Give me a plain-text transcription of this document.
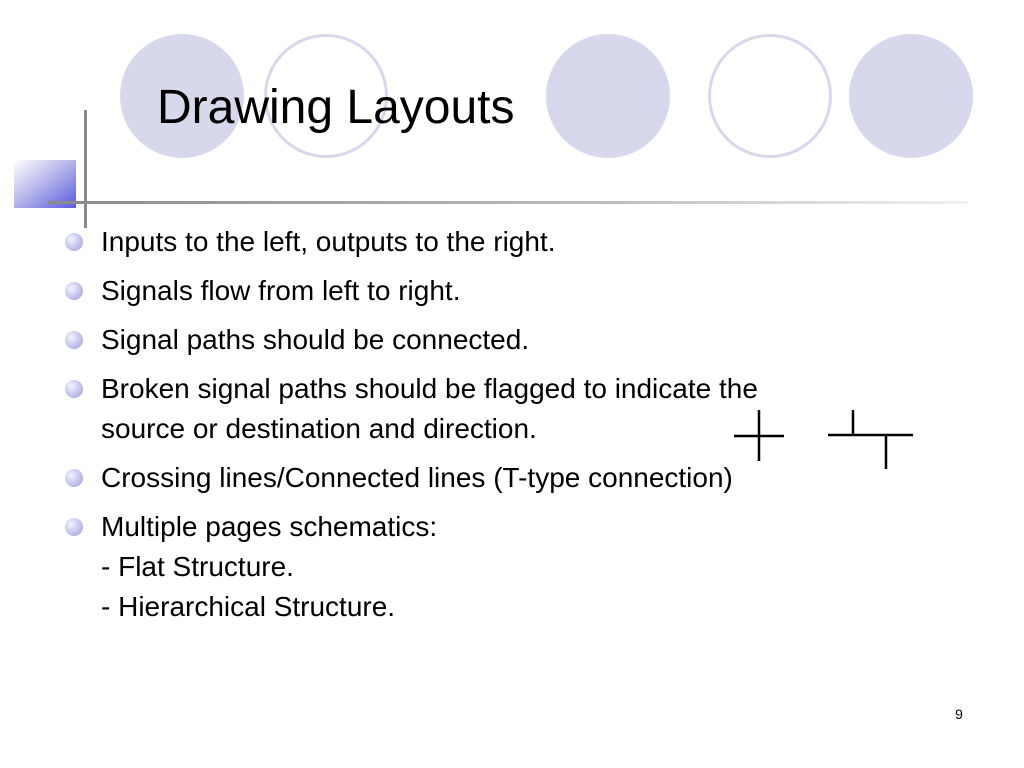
Drawing Layouts
Inputs to the left, outputs to the right.
Signals flow from left to right.
Signal paths should be connected.
Broken signal paths should be flagged to indicate the
source or destination and direction.
Crossing lines/Connected lines (T-type connection)
Multiple pages schematics:
- Flat Structure.
- Hierarchical Structure.
9
